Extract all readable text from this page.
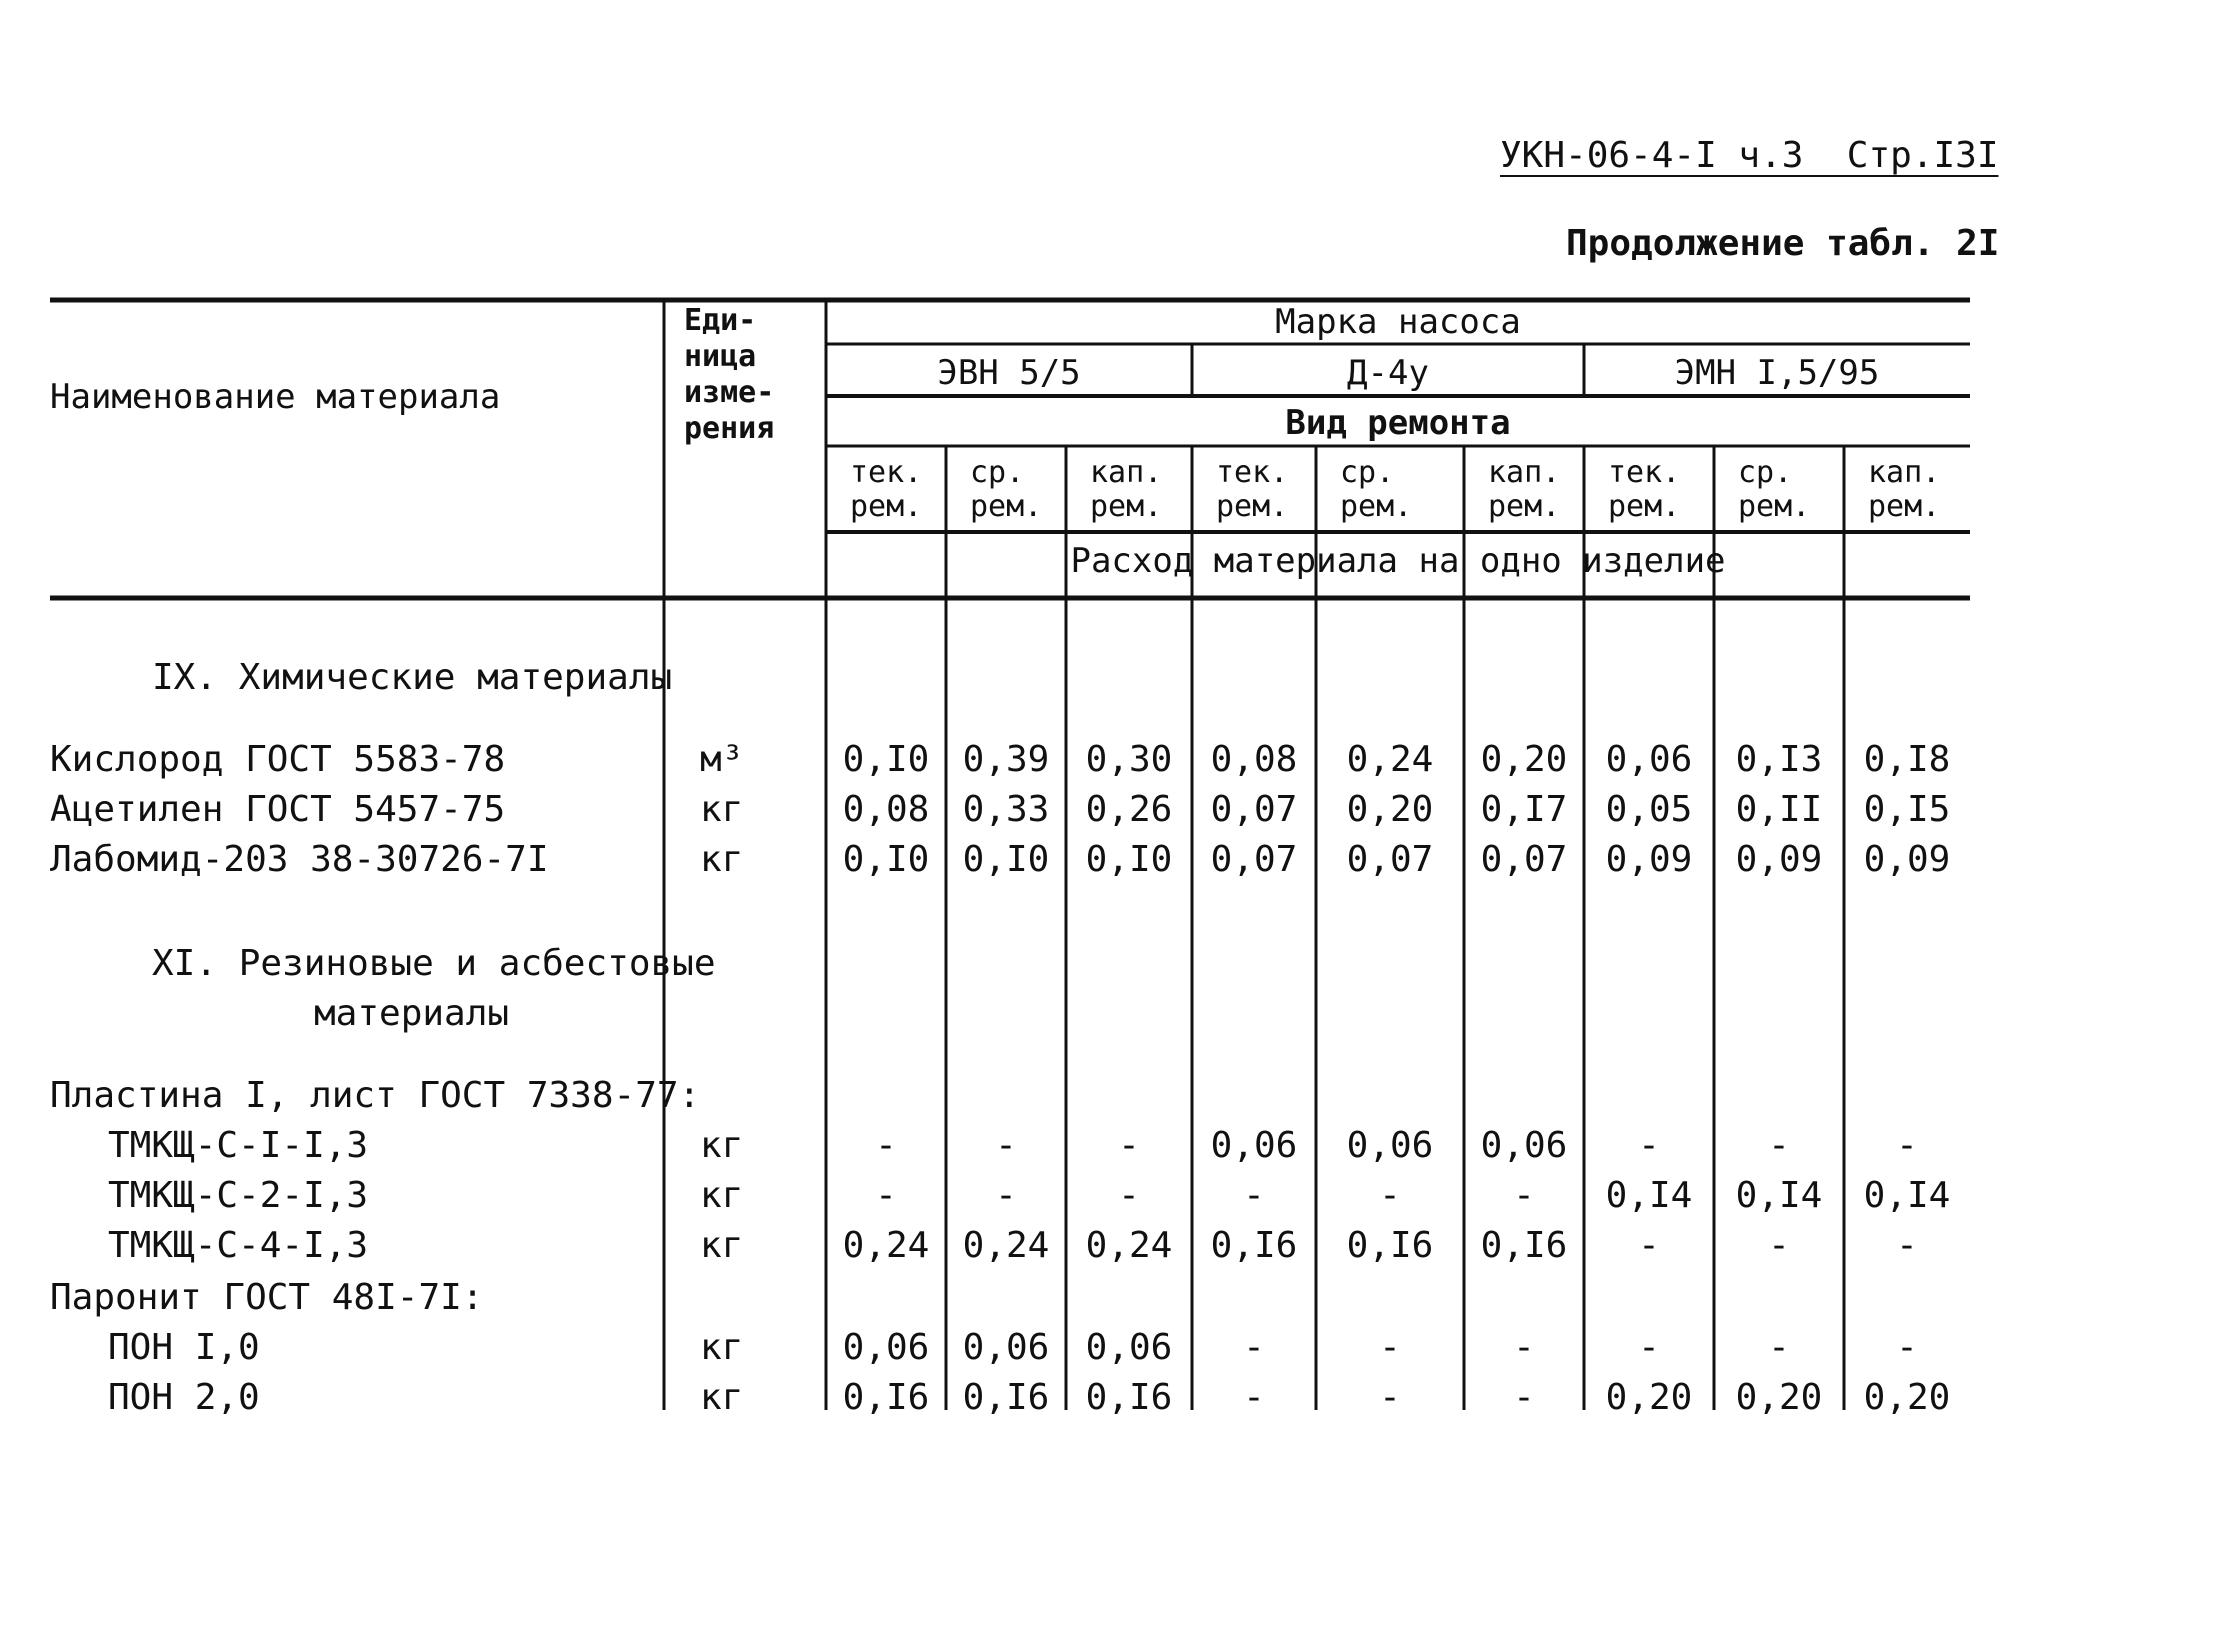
УКН-06-4-I ч.3  Стр.I3I
Продолжение табл. 2I
Наименование материала
Еди-
ница
изме-
рения
Марка насоса
ЭВН 5/5	Д-4у	ЭМН I,5/95
Вид ремонта
тек.
рем.
ср.
рем.
кап.
рем.
тек.
рем.
ср.
рем.
кап.
рем.
тек.
рем.
ср.
рем.
кап.
рем.
Расход материала на одно изделие
IX. Химические материалы
Кислород ГОСТ 5583-78	м³	0,I0 0,39	0,30	0,08	0,24	0,20	0,06	0,I3	0,I8
Ацетилен ГОСТ 5457-75	кг	0,08 0,33	0,26	0,07	0,20	0,I7	0,05	0,II	0,I5
Лабомид-203 38-30726-7I	кг	0,I0 0,I0	0,I0	0,07	0,07	0,07	0,09	0,09	0,09
XI. Резиновые и асбестовые
материалы
Пластина I, лист ГОСТ 7338-77:
ТМКЩ-С-I-I,3	кг	-	-	-	0,06	0,06	0,06	-	-	-
ТМКЩ-С-2-I,3	кг	-	-	-	-	-	-	0,I4	0,I4	0,I4
ТМКЩ-С-4-I,3	кг	0,24 0,24	0,24	0,I6	0,I6	0,I6	-	-	-
Паронит ГОСТ 48I-7I:
ПОН I,0	кг	0,06 0,06	0,06	-	-	-	-	-	-
ПОН 2,0	кг	0,I6 0,I6	0,I6	-	-	-	0,20	0,20	0,20
